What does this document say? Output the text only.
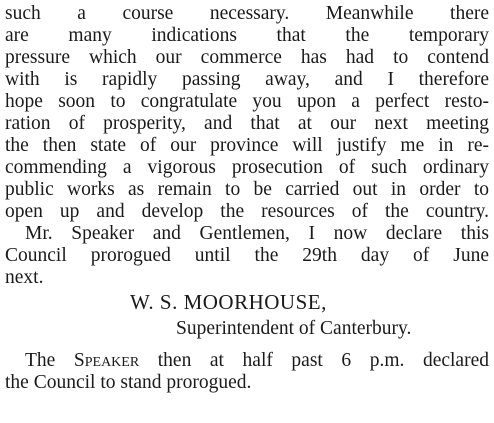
such a course necessary. Meanwhile there
are many indications that the temporary
pressure which our commerce has had to contend
with is rapidly passing away, and I therefore
hope soon to congratulate you upon a perfect resto-
ration of prosperity, and that at our next meeting
the then state of our province will justify me in re-
commending a vigorous prosecution of such ordinary
public works as remain to be carried out in order to
open up and develop the resources of the country.
Mr. Speaker and Gentlemen, I now declare this
Council prorogued until the 29th day of June
next.
W. S. MOORHOUSE,
Superintendent of Canterbury.
The Speaker then at half past 6 p.m. declared
the Council to stand prorogued.
